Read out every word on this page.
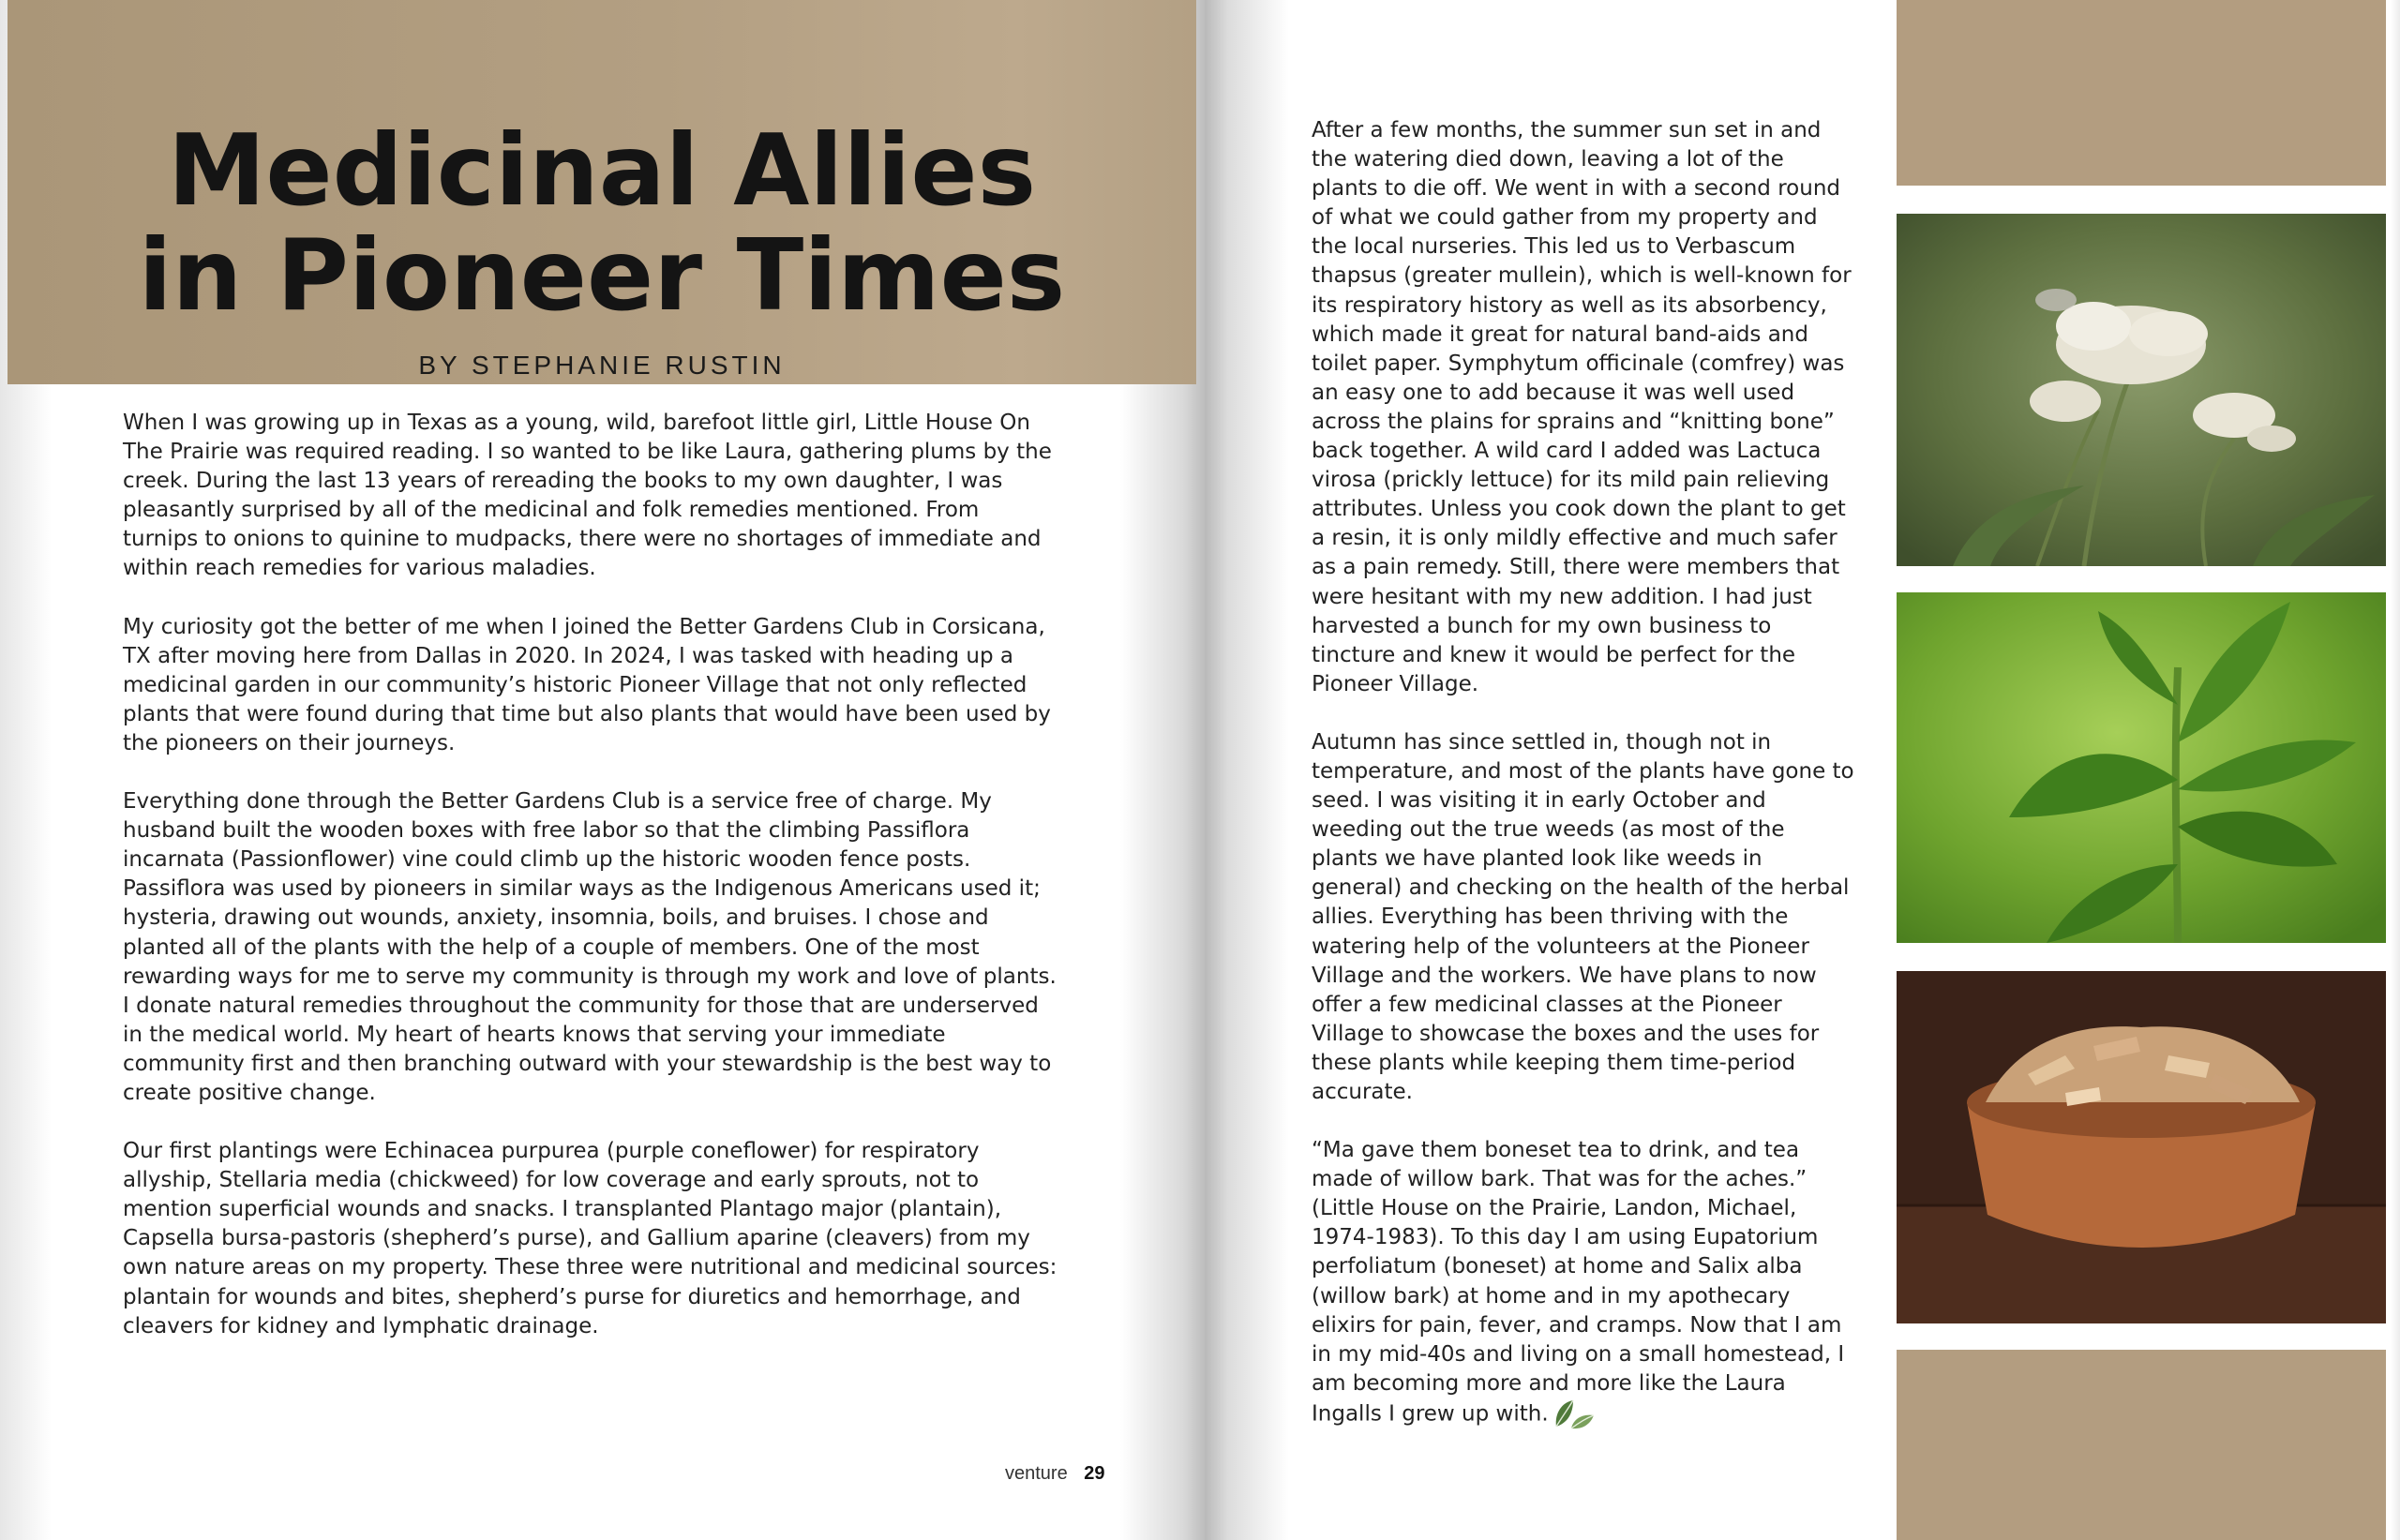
Medicinal Allies
in Pioneer Times
BY STEPHANIE RUSTIN

When I was growing up in Texas as a young, wild, barefoot little girl, Little House On
The Prairie was required reading. I so wanted to be like Laura, gathering plums by the
creek. During the last 13 years of rereading the books to my own daughter, I was
pleasantly surprised by all of the medicinal and folk remedies mentioned. From
turnips to onions to quinine to mudpacks, there were no shortages of immediate and
within reach remedies for various maladies.

My curiosity got the better of me when I joined the Better Gardens Club in Corsicana,
TX after moving here from Dallas in 2020. In 2024, I was tasked with heading up a
medicinal garden in our community’s historic Pioneer Village that not only reflected
plants that were found during that time but also plants that would have been used by
the pioneers on their journeys.

Everything done through the Better Gardens Club is a service free of charge. My
husband built the wooden boxes with free labor so that the climbing Passiflora
incarnata (Passionflower) vine could climb up the historic wooden fence posts.
Passiflora was used by pioneers in similar ways as the Indigenous Americans used it;
hysteria, drawing out wounds, anxiety, insomnia, boils, and bruises. I chose and
planted all of the plants with the help of a couple of members. One of the most
rewarding ways for me to serve my community is through my work and love of plants.
I donate natural remedies throughout the community for those that are underserved
in the medical world. My heart of hearts knows that serving your immediate
community first and then branching outward with your stewardship is the best way to
create positive change.

Our first plantings were Echinacea purpurea (purple coneflower) for respiratory
allyship, Stellaria media (chickweed) for low coverage and early sprouts, not to
mention superficial wounds and snacks. I transplanted Plantago major (plantain),
Capsella bursa-pastoris (shepherd’s purse), and Gallium aparine (cleavers) from my
own nature areas on my property. These three were nutritional and medicinal sources:
plantain for wounds and bites, shepherd’s purse for diuretics and hemorrhage, and
cleavers for kidney and lymphatic drainage.

venture 29

After a few months, the summer sun set in and
the watering died down, leaving a lot of the
plants to die off. We went in with a second round
of what we could gather from my property and
the local nurseries. This led us to Verbascum
thapsus (greater mullein), which is well-known for
its respiratory history as well as its absorbency,
which made it great for natural band-aids and
toilet paper. Symphytum officinale (comfrey) was
an easy one to add because it was well used
across the plains for sprains and “knitting bone”
back together. A wild card I added was Lactuca
virosa (prickly lettuce) for its mild pain relieving
attributes. Unless you cook down the plant to get
a resin, it is only mildly effective and much safer
as a pain remedy. Still, there were members that
were hesitant with my new addition. I had just
harvested a bunch for my own business to
tincture and knew it would be perfect for the
Pioneer Village.

Autumn has since settled in, though not in
temperature, and most of the plants have gone to
seed. I was visiting it in early October and
weeding out the true weeds (as most of the
plants we have planted look like weeds in
general) and checking on the health of the herbal
allies. Everything has been thriving with the
watering help of the volunteers at the Pioneer
Village and the workers. We have plans to now
offer a few medicinal classes at the Pioneer
Village to showcase the boxes and the uses for
these plants while keeping them time-period
accurate.

“Ma gave them boneset tea to drink, and tea
made of willow bark. That was for the aches.”
(Little House on the Prairie, Landon, Michael,
1974-1983). To this day I am using Eupatorium
perfoliatum (boneset) at home and Salix alba
(willow bark) at home and in my apothecary
elixirs for pain, fever, and cramps. Now that I am
in my mid-40s and living on a small homestead, I
am becoming more and more like the Laura
Ingalls I grew up with.
